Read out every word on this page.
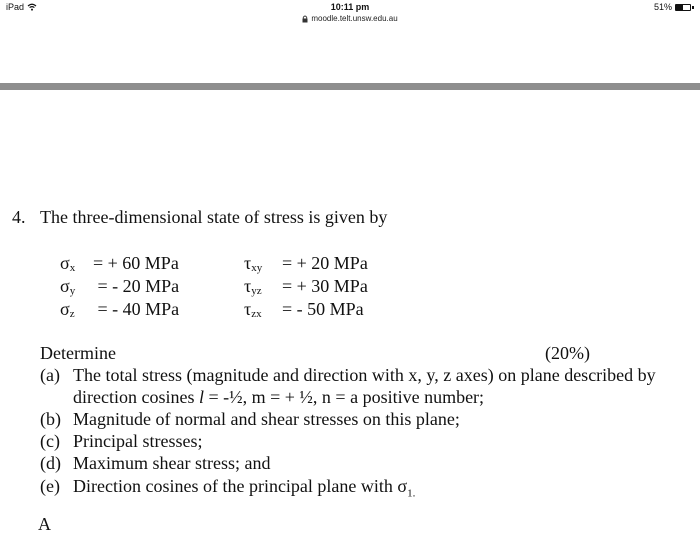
iPad	10:11 pm
moodle.telt.unsw.edu.au
51%
4. The three-dimensional state of stress is given by
$\sigma_x$ = + 60 MPa	$\tau_{xy}$ = + 20 MPa
$\sigma_y$ = - 20 MPa	$\tau_{yz}$ = + 30 MPa
$\sigma_z$ = - 40 MPa	$\tau_{zx}$ = - 50 MPa
Determine	(20%)
(a) The total stress (magnitude and direction with x, y, z axes) on plane described by
direction cosines l = -½, m = + ½, n = a positive number;
(b) Magnitude of normal and shear stresses on this plane;
(c) Principal stresses;
(d) Maximum shear stress; and
(e) Direction cosines of the principal plane with $\sigma_{1.}$
A
